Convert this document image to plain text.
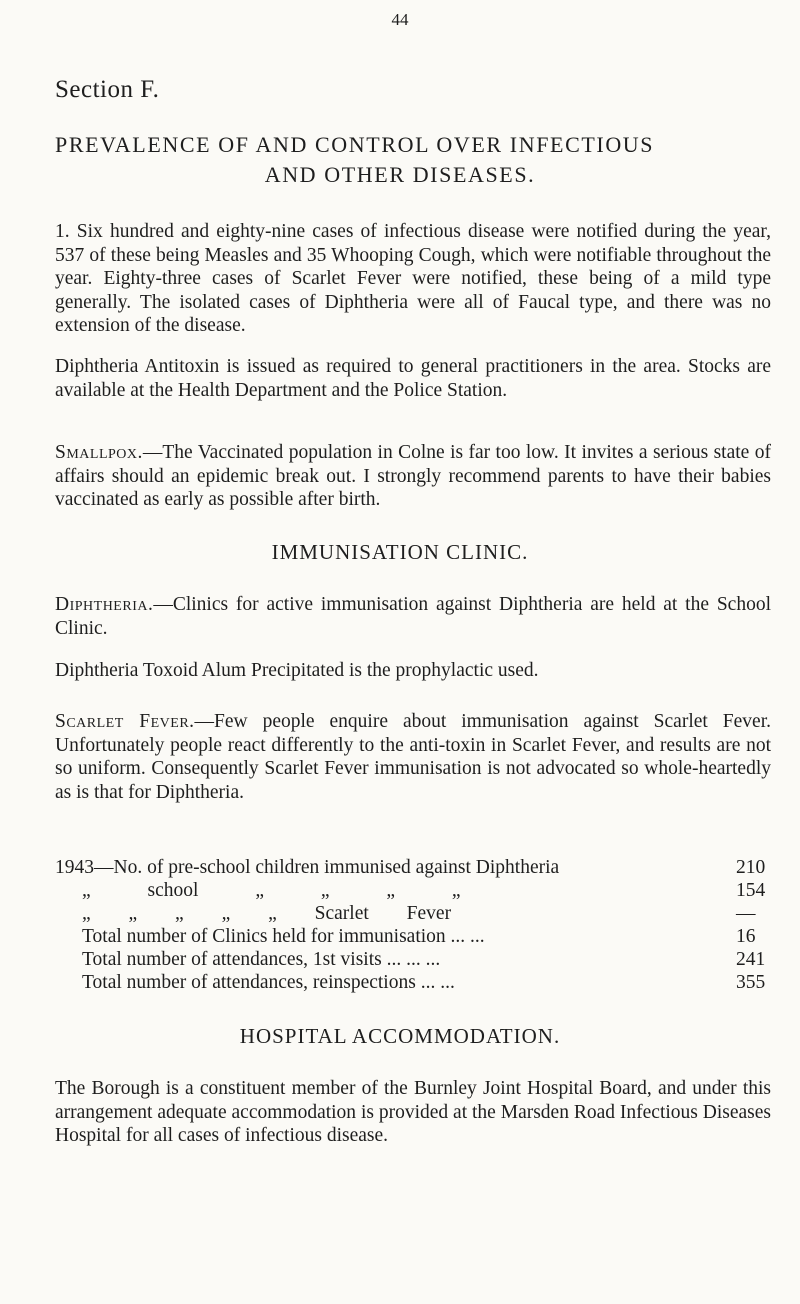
44
Section F.
PREVALENCE OF AND CONTROL OVER INFECTIOUS
AND OTHER DISEASES.

1. Six hundred and eighty-nine cases of infectious disease were notified during the year, 537 of these being Measles and 35 Whooping Cough, which were notifiable throughout the year. Eighty-three cases of Scarlet Fever were notified, these being of a mild type generally. The isolated cases of Diphtheria were all of Faucal type, and there was no extension of the disease.

Diphtheria Antitoxin is issued as required to general practitioners in the area. Stocks are available at the Health Department and the Police Station.

Smallpox.—The Vaccinated population in Colne is far too low. It invites a serious state of affairs should an epidemic break out. I strongly recommend parents to have their babies vaccinated as early as possible after birth.

IMMUNISATION CLINIC.

Diphtheria.—Clinics for active immunisation against Diphtheria are held at the School Clinic.

Diphtheria Toxoid Alum Precipitated is the prophylactic used.

Scarlet Fever.—Few people enquire about immunisation against Scarlet Fever. Unfortunately people react differently to the anti-toxin in Scarlet Fever, and results are not so uniform. Consequently Scarlet Fever immunisation is not advocated so whole-heartedly as is that for Diphtheria.

1943—No. of pre-school children immunised against Diphtheria	210
„ school „ „ „ „	154
„ „ „ „ „ Scarlet Fever	—
Total number of Clinics held for immunisation ... ...	16
Total number of attendances, 1st visits ... ... ...	241
Total number of attendances, reinspections ... ...	355
HOSPITAL ACCOMMODATION.

The Borough is a constituent member of the Burnley Joint Hospital Board, and under this arrangement adequate accommodation is provided at the Marsden Road Infectious Diseases Hospital for all cases of infectious disease.
